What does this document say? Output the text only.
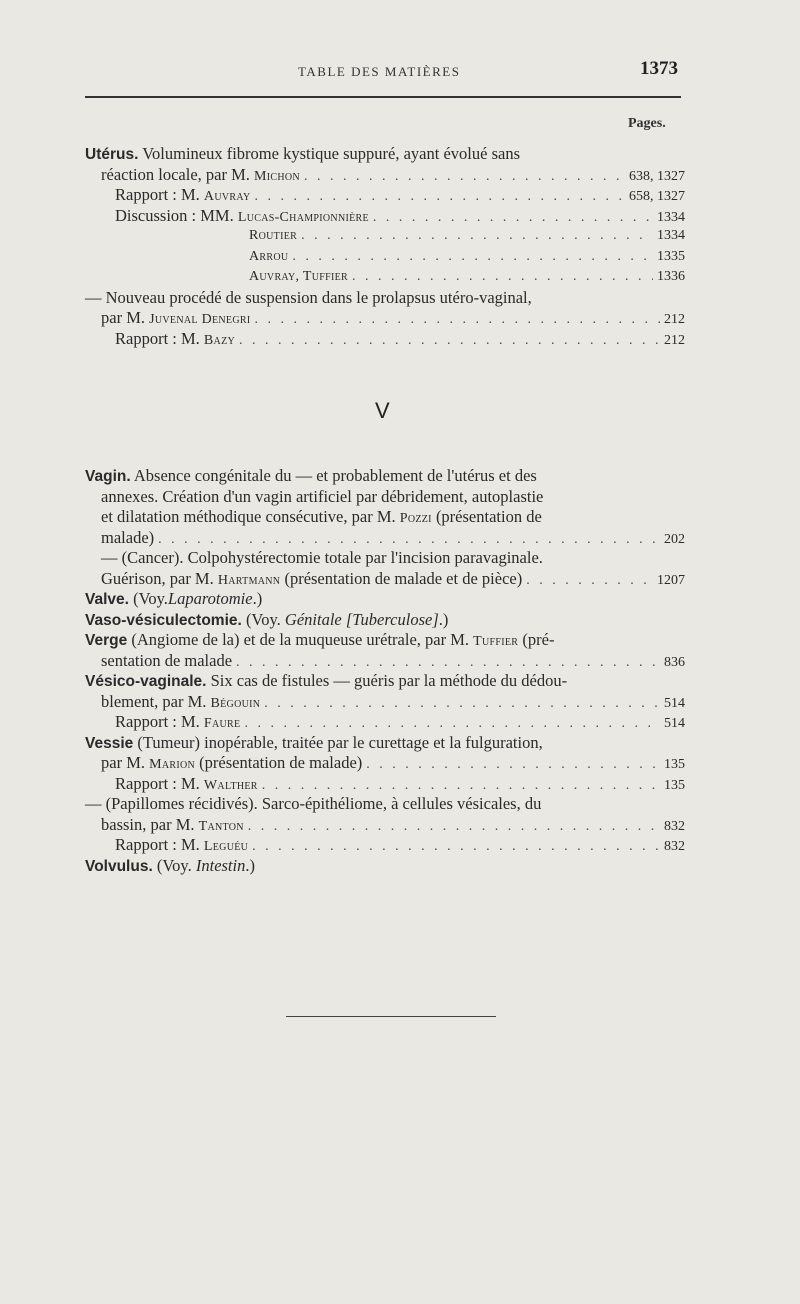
TABLE DES MATIÈRES	1373
Pages.
Utérus. Volumineux fibrome kystique suppuré, ayant évolué sans
réaction locale, par M. Michon . . .	638, 1327
Rapport : M. Auvray . . .	658, 1327
Discussion : MM. Lucas-Championnière . . .	1334
Routier . . .	1334
Arrou . . .	1335
Auvray, Tuffier . . .	1336
— Nouveau procédé de suspension dans le prolapsus utéro-vaginal,
par M. Juvenal Denegri . . .	212
Rapport : M. Bazy . . .	212
V
Vagin. Absence congénitale du — et probablement de l'utérus et des
annexes. Création d'un vagin artificiel par débridement, autoplastie
et dilatation méthodique consécutive, par M. Pozzi (présentation de
malade) . . .	202
— (Cancer). Colpohystérectomie totale par l'incision paravaginale.
Guérison, par M. Hartmann (présentation de malade et de pièce) . . .	1207
Valve. (Voy.Laparotomie.)
Vaso-vésiculectomie. (Voy. Génitale [Tuberculose].)
Verge (Angiome de la) et de la muqueuse urétrale, par M. Tuffier (pré-
sentation de malade . . .	836
Vésico-vaginale. Six cas de fistules — guéris par la méthode du dédou-
blement, par M. Bégouin . . .	514
Rapport : M. Faure . . .	514
Vessie (Tumeur) inopérable, traitée par le curettage et la fulguration,
par M. Marion (présentation de malade) . . .	135
Rapport : M. Walther . . .	135
— (Papillomes récidivés). Sarco-épithéliome, à cellules vésicales, du
bassin, par M. Tanton . . .	832
Rapport : M. Leguéu . . .	832
Volvulus. (Voy. Intestin.)
